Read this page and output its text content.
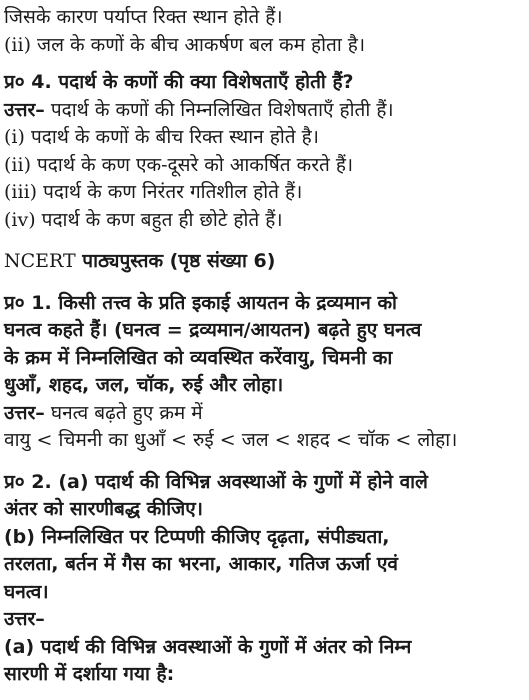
जिसके कारण पर्याप्त रिक्त स्थान होते हैं।
(ii) जल के कणों के बीच आकर्षण बल कम होता है।
प्र० 4. पदार्थ के कणों की क्या विशेषताएँ होती हैं?
उत्तर– पदार्थ के कणों की निम्नलिखित विशेषताएँ होती हैं।
(i) पदार्थ के कणों के बीच रिक्त स्थान होते है।
(ii) पदार्थ के कण एक-दूसरे को आकर्षित करते हैं।
(iii) पदार्थ के कण निरंतर गतिशील होते हैं।
(iv) पदार्थ के कण बहुत ही छोटे होते हैं।
NCERT पाठ्यपुस्तक (पृष्ठ संख्या 6)
प्र० 1. किसी तत्त्व के प्रति इकाई आयतन के द्रव्यमान को
घनत्व कहते हैं। (घनत्व = द्रव्यमान/आयतन) बढ़ते हुए घनत्व
के क्रम में निम्नलिखित को व्यवस्थित करेंवायु, चिमनी का
धुआँ, शहद, जल, चॉक, रुई और लोहा।
उत्तर– घनत्व बढ़ते हुए क्रम में
वायु < चिमनी का धुआँ < रुई < जल < शहद < चॉक < लोहा।
प्र० 2. (a) पदार्थ की विभिन्न अवस्थाओं के गुणों में होने वाले
अंतर को सारणीबद्ध कीजिए।
(b) निम्नलिखित पर टिप्पणी कीजिए दृढ़ता, संपीड्यता,
तरलता, बर्तन में गैस का भरना, आकार, गतिज ऊर्जा एवं
घनत्व।
उत्तर–
(a) पदार्थ की विभिन्न अवस्थाओं के गुणों में अंतर को निम्न
सारणी में दर्शाया गया है:
